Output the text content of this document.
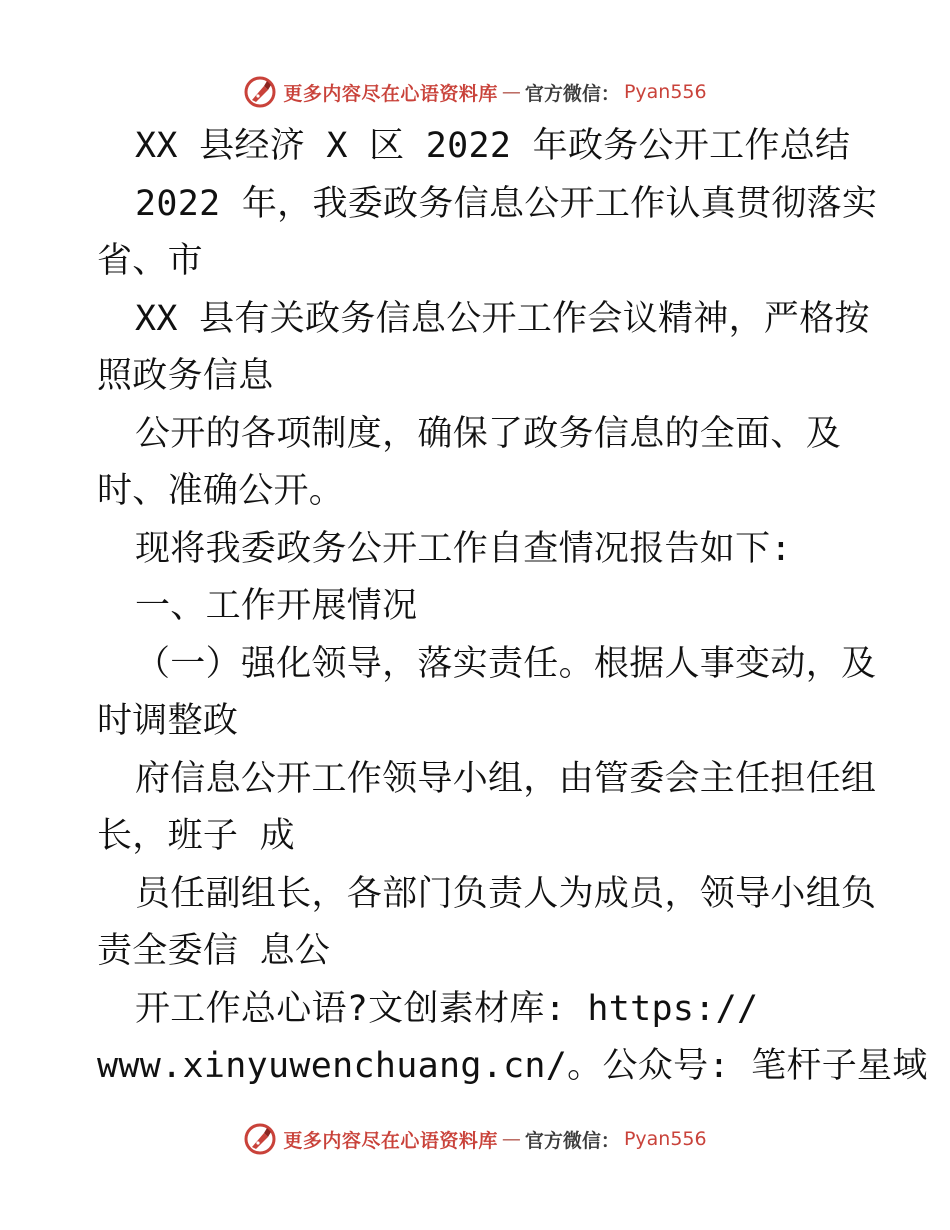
更多内容尽在心语资料库 — 官方微信： Pyan556
XX 县经济 X 区 2022 年政务公开工作总结
2022 年，我委政务信息公开工作认真贯彻落实
省、市
XX 县有关政务信息公开工作会议精神，严格按
照政务信息
公开的各项制度，确保了政务信息的全面、及
时、准确公开。
现将我委政务公开工作自查情况报告如下:
一、工作开展情况
（一）强化领导，落实责任。根据人事变动，及
时调整政
府信息公开工作领导小组，由管委会主任担任组
长，班子 成
员任副组长，各部门负责人为成员，领导小组负
责全委信 息公
开工作总心语?文创素材库: https://
www.xinyuwenchuang.cn/。公众号: 笔杆子星域
更多内容尽在心语资料库 — 官方微信： Pyan556
